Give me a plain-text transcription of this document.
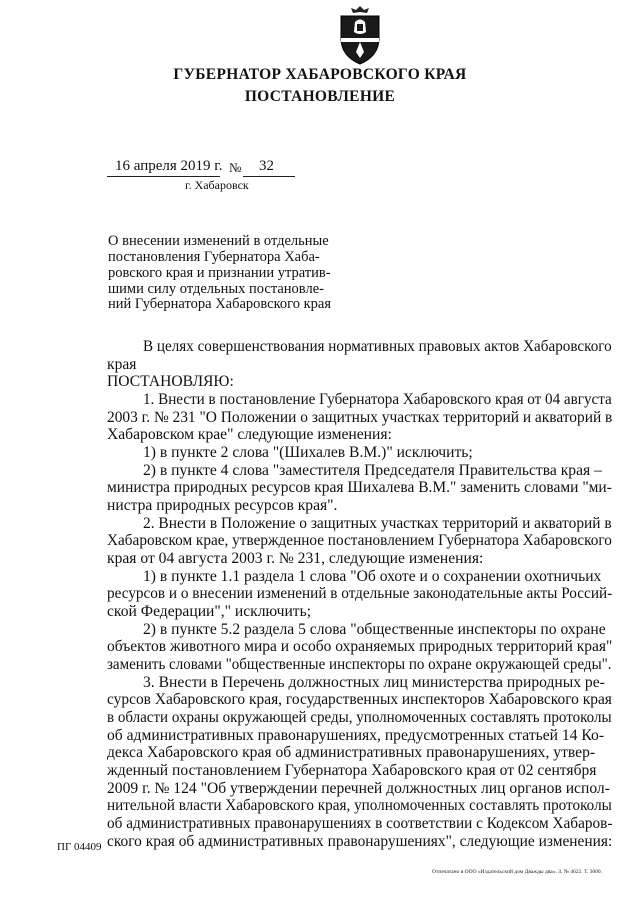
ГУБЕРНАТОР ХАБАРОВСКОГО КРАЯ
ПОСТАНОВЛЕНИЕ
16 апреля 2019 г. № 32
г. Хабаровск
О внесении изменений в отдельные
постановления Губернатора Хаба-
ровского края и признании утратив-
шими силу отдельных постановле-
ний Губернатора Хабаровского края
В целях совершенствования нормативных правовых актов Хабаровского
края
ПОСТАНОВЛЯЮ:
1. Внести в постановление Губернатора Хабаровского края от 04 августа
2003 г. № 231 "О Положении о защитных участках территорий и акваторий в
Хабаровском крае" следующие изменения:
1) в пункте 2 слова "(Шихалев В.М.)" исключить;
2) в пункте 4 слова "заместителя Председателя Правительства края –
министра природных ресурсов края Шихалева В.М." заменить словами "ми-
нистра природных ресурсов края".
2. Внести в Положение о защитных участках территорий и акваторий в
Хабаровском крае, утвержденное постановлением Губернатора Хабаровского
края от 04 августа 2003 г. № 231, следующие изменения:
1) в пункте 1.1 раздела 1 слова "Об охоте и о сохранении охотничьих
ресурсов и о внесении изменений в отдельные законодательные акты Россий-
ской Федерации"," исключить;
2) в пункте 5.2 раздела 5 слова "общественные инспекторы по охране
объектов животного мира и особо охраняемых природных территорий края"
заменить словами "общественные инспекторы по охране окружающей среды".
3. Внести в Перечень должностных лиц министерства природных ре-
сурсов Хабаровского края, государственных инспекторов Хабаровского края
в области охраны окружающей среды, уполномоченных составлять протоколы
об административных правонарушениях, предусмотренных статьей 14 Ко-
декса Хабаровского края об административных правонарушениях, утвер-
жденный постановлением Губернатора Хабаровского края от 02 сентября
2009 г. № 124 "Об утверждении перечней должностных лиц органов испол-
нительной власти Хабаровского края, уполномоченных составлять протоколы
об административных правонарушениях в соответствии с Кодексом Хабаров-
ского края об административных правонарушениях", следующие изменения:
ПГ 04409
Отпечатано в ООО «Издательский дом Дважды два». З. № 4622. Т. 3000.
